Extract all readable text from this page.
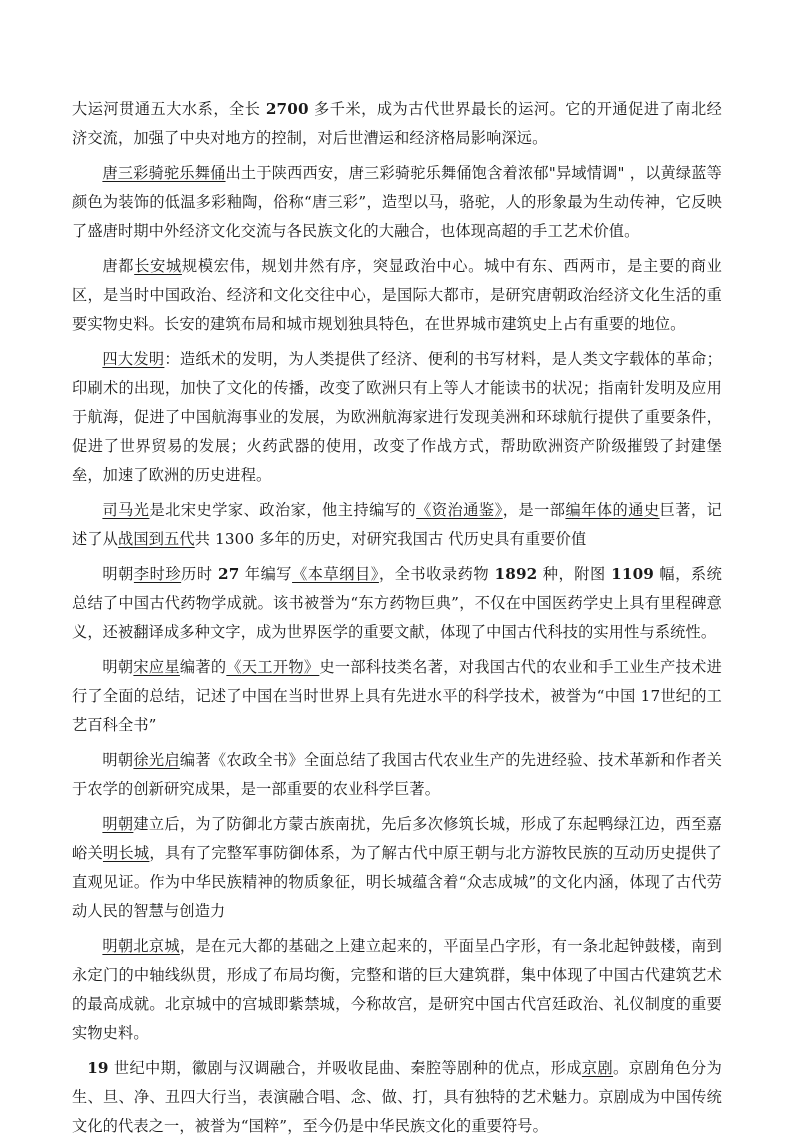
大运河贯通五大水系，全长 2700 多千米，成为古代世界最长的运河。它的开通促进了南北经济交流，加强了中央对地方的控制，对后世漕运和经济格局影响深远。

唐三彩骑驼乐舞俑出土于陕西西安，唐三彩骑驼乐舞俑饱含着浓郁"异域情调" ，以黄绿蓝等颜色为装饰的低温多彩釉陶，俗称“唐三彩”，造型以马，骆驼，人的形象最为生动传神，它反映了盛唐时期中外经济文化交流与各民族文化的大融合，也体现高超的手工艺术价值。

唐都长安城规模宏伟，规划井然有序，突显政治中心。城中有东、西两市，是主要的商业区，是当时中国政治、经济和文化交往中心，是国际大都市，是研究唐朝政治经济文化生活的重要实物史料。长安的建筑布局和城市规划独具特色，在世界城市建筑史上占有重要的地位。

四大发明：造纸术的发明，为人类提供了经济、便利的书写材料，是人类文字载体的革命；印刷术的出现，加快了文化的传播，改变了欧洲只有上等人才能读书的状况；指南针发明及应用于航海，促进了中国航海事业的发展，为欧洲航海家进行发现美洲和环球航行提供了重要条件，促进了世界贸易的发展；火药武器的使用，改变了作战方式，帮助欧洲资产阶级摧毁了封建堡垒，加速了欧洲的历史进程。

司马光是北宋史学家、政治家，他主持编写的《资治通鉴》，是一部编年体的通史巨著，记述了从战国到五代共 1300 多年的历史，对研究我国古 代历史具有重要价值

明朝李时珍历时 27 年编写《本草纲目》，全书收录药物 1892 种，附图 1109 幅，系统总结了中国古代药物学成就。该书被誉为“东方药物巨典”，不仅在中国医药学史上具有里程碑意义，还被翻译成多种文字，成为世界医学的重要文献，体现了中国古代科技的实用性与系统性。

明朝宋应星编著的《天工开物》史一部科技类名著，对我国古代的农业和手工业生产技术进行了全面的总结，记述了中国在当时世界上具有先进水平的科学技术，被誉为“中国 17世纪的工艺百科全书”

明朝徐光启编著《农政全书》全面总结了我国古代农业生产的先进经验、技术革新和作者关于农学的创新研究成果，是一部重要的农业科学巨著。

明朝建立后，为了防御北方蒙古族南扰，先后多次修筑长城，形成了东起鸭绿江边，西至嘉峪关明长城，具有了完整军事防御体系，为了解古代中原王朝与北方游牧民族的互动历史提供了直观见证。作为中华民族精神的物质象征，明长城蕴含着“众志成城”的文化内涵，体现了古代劳动人民的智慧与创造力

明朝北京城，是在元大都的基础之上建立起来的，平面呈凸字形，有一条北起钟鼓楼，南到永定门的中轴线纵贯，形成了布局均衡，完整和谐的巨大建筑群，集中体现了中国古代建筑艺术的最高成就。北京城中的宫城即紫禁城，今称故宫，是研究中国古代宫廷政治、礼仪制度的重要实物史料。

19 世纪中期，徽剧与汉调融合，并吸收昆曲、秦腔等剧种的优点，形成京剧。京剧角色分为生、旦、净、丑四大行当，表演融合唱、念、做、打，具有独特的艺术魅力。京剧成为中国传统文化的代表之一，被誉为“国粹”，至今仍是中华民族文化的重要符号。
